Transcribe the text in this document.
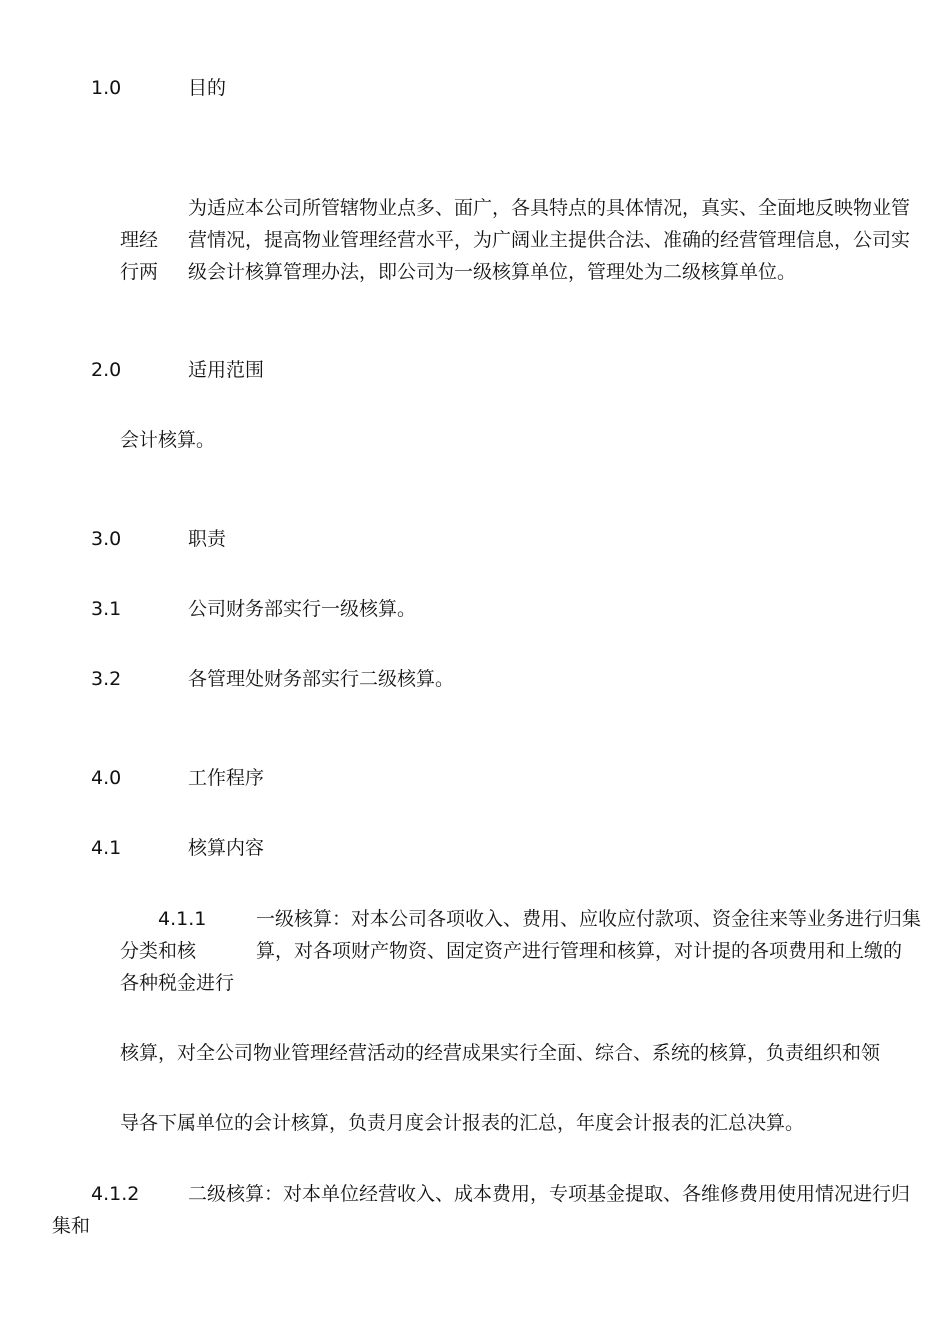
1.0	目的
为适应本公司所管辖物业点多、面广，各具特点的具体情况，真实、全面地反映物业管
营情况，提高物业管理经营水平，为广阔业主提供合法、准确的经营管理信息，公司实
级会计核算管理办法，即公司为一级核算单位，管理处为二级核算单位。
理经
行两
2.0	适用范围
会计核算。
3.0	职责
3.1	公司财务部实行一级核算。
3.2	各管理处财务部实行二级核算。
4.0	工作程序
4.1	核算内容
4.1.1	一级核算：对本公司各项收入、费用、应收应付款项、资金往来等业务进行归集
算，对各项财产物资、固定资产进行管理和核算，对计提的各项费用和上缴的
分类和核
各种税金进行
核算，对全公司物业管理经营活动的经营成果实行全面、综合、系统的核算，负责组织和领
导各下属单位的会计核算，负责月度会计报表的汇总，年度会计报表的汇总决算。
4.1.2	二级核算：对本单位经营收入、成本费用，专项基金提取、各维修费用使用情况进行归
集和
